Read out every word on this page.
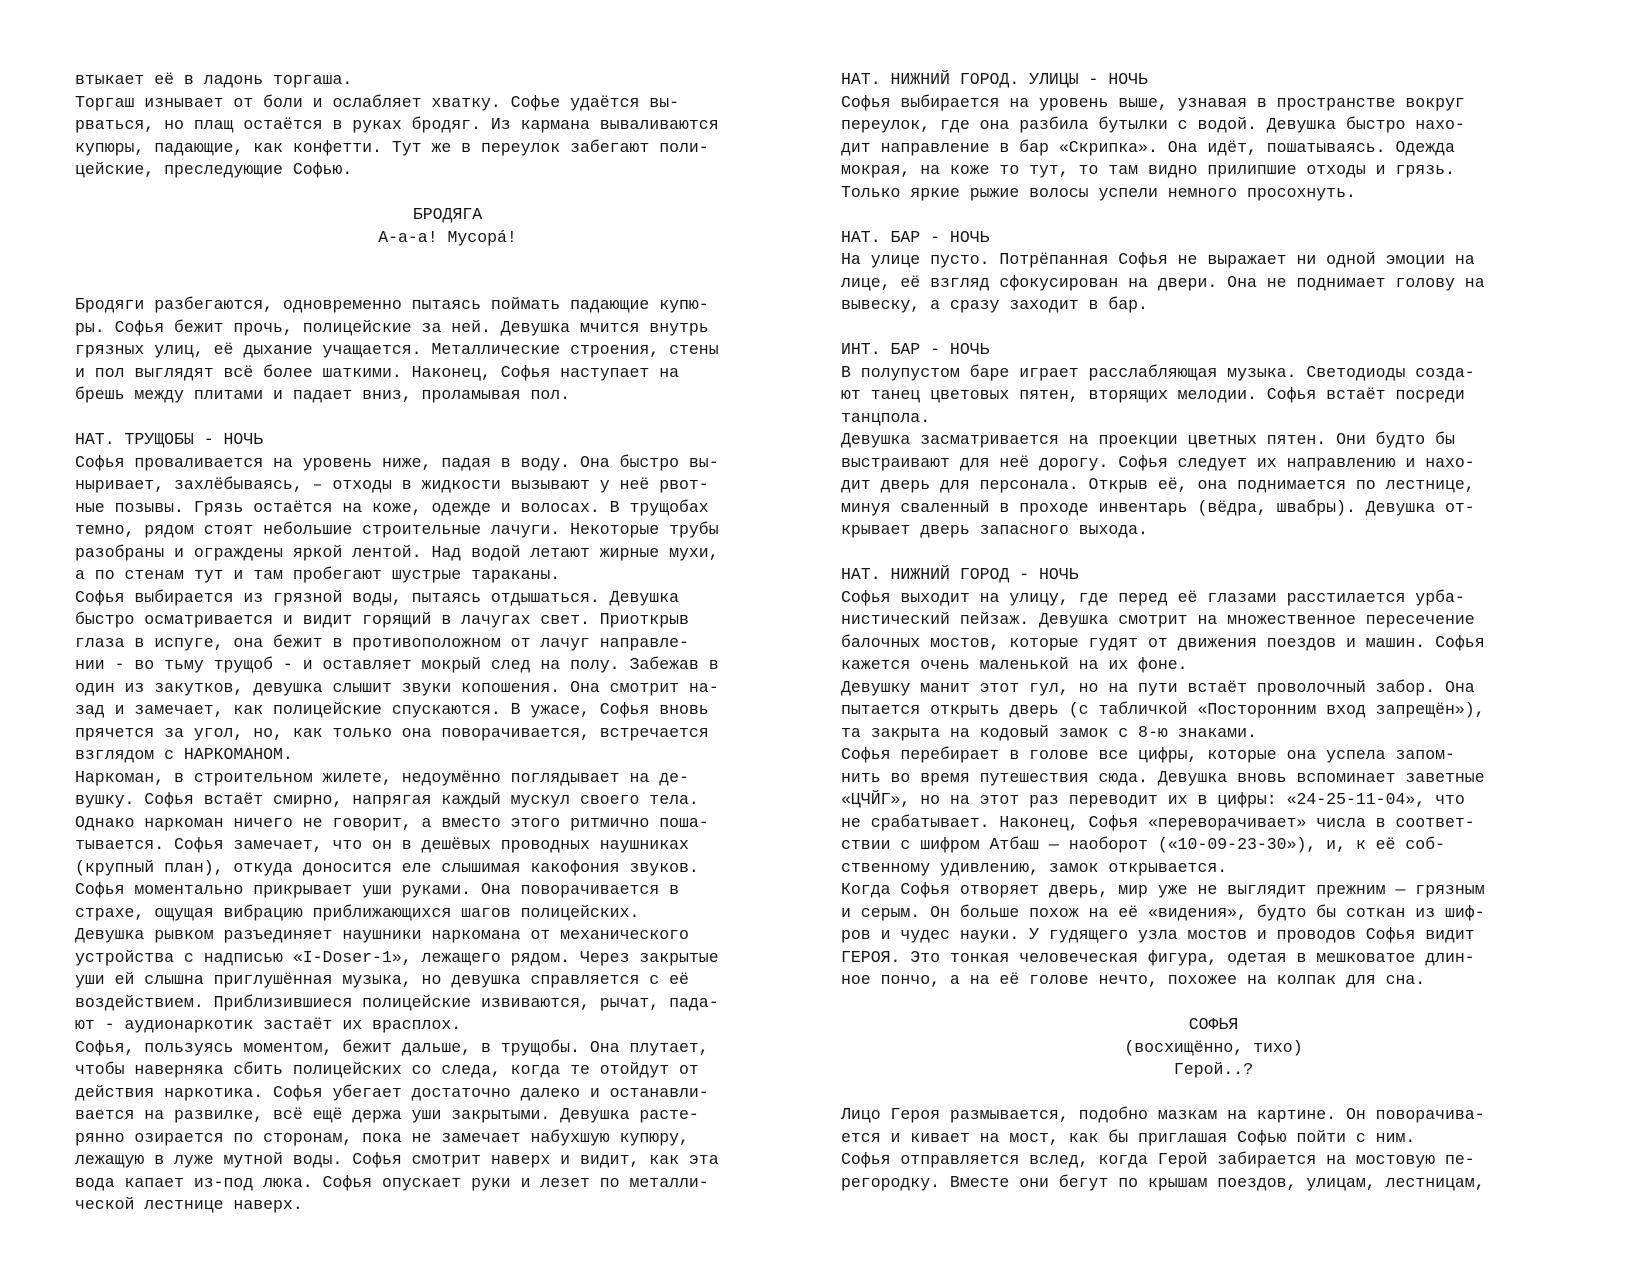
втыкает её в ладонь торгаша.
Торгаш изнывает от боли и ослабляет хватку. Софье удаётся вы-
рваться, но плащ остаётся в руках бродяг. Из кармана вываливаются
купюры, падающие, как конфетти. Тут же в переулок забегают поли-
цейские, преследующие Софью.
БРОДЯГА
А-а-а! Мусорá!
Бродяги разбегаются, одновременно пытаясь поймать падающие купю-
ры. Софья бежит прочь, полицейские за ней. Девушка мчится внутрь
грязных улиц, её дыхание учащается. Металлические строения, стены
и пол выглядят всё более шаткими. Наконец, Софья наступает на
брешь между плитами и падает вниз, проламывая пол.
НАТ. ТРУЩОБЫ - НОЧЬ
Софья проваливается на уровень ниже, падая в воду. Она быстро вы-
ныривает, захлёбываясь, – отходы в жидкости вызывают у неё рвот-
ные позывы. Грязь остаётся на коже, одежде и волосах. В трущобах
темно, рядом стоят небольшие строительные лачуги. Некоторые трубы
разобраны и ограждены яркой лентой. Над водой летают жирные мухи,
а по стенам тут и там пробегают шустрые тараканы.
Софья выбирается из грязной воды, пытаясь отдышаться. Девушка
быстро осматривается и видит горящий в лачугах свет. Приоткрыв
глаза в испуге, она бежит в противоположном от лачуг направле-
нии - во тьму трущоб - и оставляет мокрый след на полу. Забежав в
один из закутков, девушка слышит звуки копошения. Она смотрит на-
зад и замечает, как полицейские спускаются. В ужасе, Софья вновь
прячется за угол, но, как только она поворачивается, встречается
взглядом с НАРКОМАНОМ.
Наркоман, в строительном жилете, недоумённо поглядывает на де-
вушку. Софья встаёт смирно, напрягая каждый мускул своего тела.
Однако наркоман ничего не говорит, а вместо этого ритмично поша-
тывается. Софья замечает, что он в дешёвых проводных наушниках
(крупный план), откуда доносится еле слышимая какофония звуков.
Софья моментально прикрывает уши руками. Она поворачивается в
страхе, ощущая вибрацию приближающихся шагов полицейских.
Девушка рывком разъединяет наушники наркомана от механического
устройства с надписью «I-Doser-1», лежащего рядом. Через закрытые
уши ей слышна приглушённая музыка, но девушка справляется с её
воздействием. Приблизившиеся полицейские извиваются, рычат, пада-
ют - аудионаркотик застаёт их врасплох.
Софья, пользуясь моментом, бежит дальше, в трущобы. Она плутает,
чтобы наверняка сбить полицейских со следа, когда те отойдут от
действия наркотика. Софья убегает достаточно далеко и останавли-
вается на развилке, всё ещё держа уши закрытыми. Девушка расте-
рянно озирается по сторонам, пока не замечает набухшую купюру,
лежащую в луже мутной воды. Софья смотрит наверх и видит, как эта
вода капает из-под люка. Софья опускает руки и лезет по металли-
ческой лестнице наверх.
НАТ. НИЖНИЙ ГОРОД. УЛИЦЫ - НОЧЬ
Софья выбирается на уровень выше, узнавая в пространстве вокруг
переулок, где она разбила бутылки с водой. Девушка быстро нахо-
дит направление в бар «Скрипка». Она идёт, пошатываясь. Одежда
мокрая, на коже то тут, то там видно прилипшие отходы и грязь.
Только яркие рыжие волосы успели немного просохнуть.
НАТ. БАР - НОЧЬ
На улице пусто. Потрёпанная Софья не выражает ни одной эмоции на
лице, её взгляд сфокусирован на двери. Она не поднимает голову на
вывеску, а сразу заходит в бар.
ИНТ. БАР - НОЧЬ
В полупустом баре играет расслабляющая музыка. Светодиоды созда-
ют танец цветовых пятен, вторящих мелодии. Софья встаёт посреди
танцпола.
Девушка засматривается на проекции цветных пятен. Они будто бы
выстраивают для неё дорогу. Софья следует их направлению и нахо-
дит дверь для персонала. Открыв её, она поднимается по лестнице,
минуя сваленный в проходе инвентарь (вёдра, швабры). Девушка от-
крывает дверь запасного выхода.
НАТ. НИЖНИЙ ГОРОД - НОЧЬ
Софья выходит на улицу, где перед её глазами расстилается урба-
нистический пейзаж. Девушка смотрит на множественное пересечение
балочных мостов, которые гудят от движения поездов и машин. Софья
кажется очень маленькой на их фоне.
Девушку манит этот гул, но на пути встаёт проволочный забор. Она
пытается открыть дверь (с табличкой «Посторонним вход запрещён»),
та закрыта на кодовый замок с 8-ю знаками.
Софья перебирает в голове все цифры, которые она успела запом-
нить во время путешествия сюда. Девушка вновь вспоминает заветные
«ЦЧЙГ», но на этот раз переводит их в цифры: «24-25-11-04», что
не срабатывает. Наконец, Софья «переворачивает» числа в соответ-
ствии с шифром Атбаш — наоборот («10-09-23-30»), и, к её соб-
ственному удивлению, замок открывается.
Когда Софья отворяет дверь, мир уже не выглядит прежним — грязным
и серым. Он больше похож на её «видения», будто бы соткан из шиф-
ров и чудес науки. У гудящего узла мостов и проводов Софья видит
ГЕРОЯ. Это тонкая человеческая фигура, одетая в мешковатое длин-
ное пончо, а на её голове нечто, похожее на колпак для сна.
СОФЬЯ
(восхищённо, тихо)
Герой..?
Лицо Героя размывается, подобно мазкам на картине. Он поворачива-
ется и кивает на мост, как бы приглашая Софью пойти с ним.
Софья отправляется вслед, когда Герой забирается на мостовую пе-
регородку. Вместе они бегут по крышам поездов, улицам, лестницам,
